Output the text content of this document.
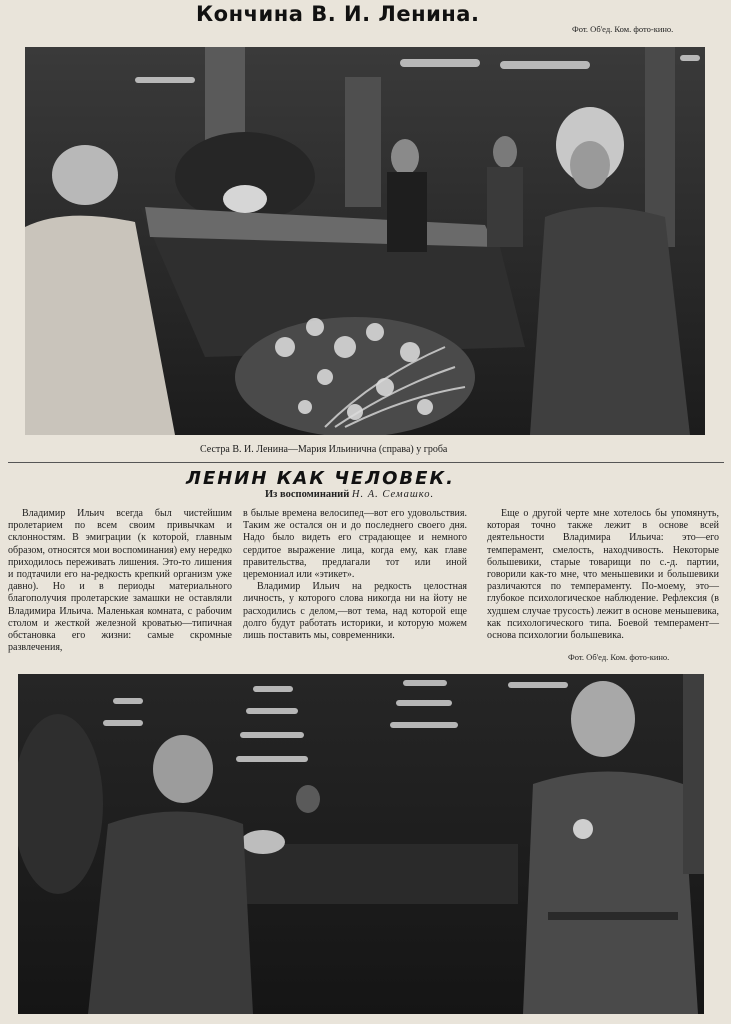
Кончина В. И. Ленина.
Фот. Об'ед. Ком. фото-кино.
Сестра В. И. Ленина—Мария Ильинична (справа) у гроба
ЛЕНИН КАК ЧЕЛОВЕК.
Из воспоминаний Н. А. Семашко.

Владимир Ильич всегда был чистейшим пролетарием по всем своим привычкам и склонностям. В эмиграции (к которой, главным образом, относятся мои воспоминания) ему нередко приходилось переживать лишения. Это-то лишения и подтачили его на-редкость крепкий организм уже давно). Но и в периоды материального благополучия пролетарские замашки не оставляли Владимира Ильича. Маленькая комната, с рабочим столом и жесткой железной кроватью—типичная обстановка его жизни: самые скромные развлечения,

в былые времена велосипед—вот его удовольствия. Таким же остался он и до последнего своего дня. Надо было видеть его страдающее и немного сердитое выражение лица, когда ему, как главе правительства, предлагали тот или иной церемониал или «этикет».

Владимир Ильич на редкость целостная личность, у которого слова никогда ни на йоту не расходились с делом,—вот тема, над которой еще долго будут работать историки, и которую можем лишь поставить мы, современники.

Еще о другой черте мне хотелось бы упомянуть, которая точно также лежит в основе всей деятельности Владимира Ильича: это—его темперамент, смелость, находчивость. Некоторые большевики, старые товарищи по с.-д. партии, говорили как-то мне, что меньшевики и большевики различаются по темпераменту. По-моему, это—глубокое психологическое наблюдение. Рефлексия (в худшем случае трусость) лежит в основе меньшевика, как психологического типа. Боевой темперамент—основа психологии большевика.

Фот. Об'ед. Ком. фото-кино.
